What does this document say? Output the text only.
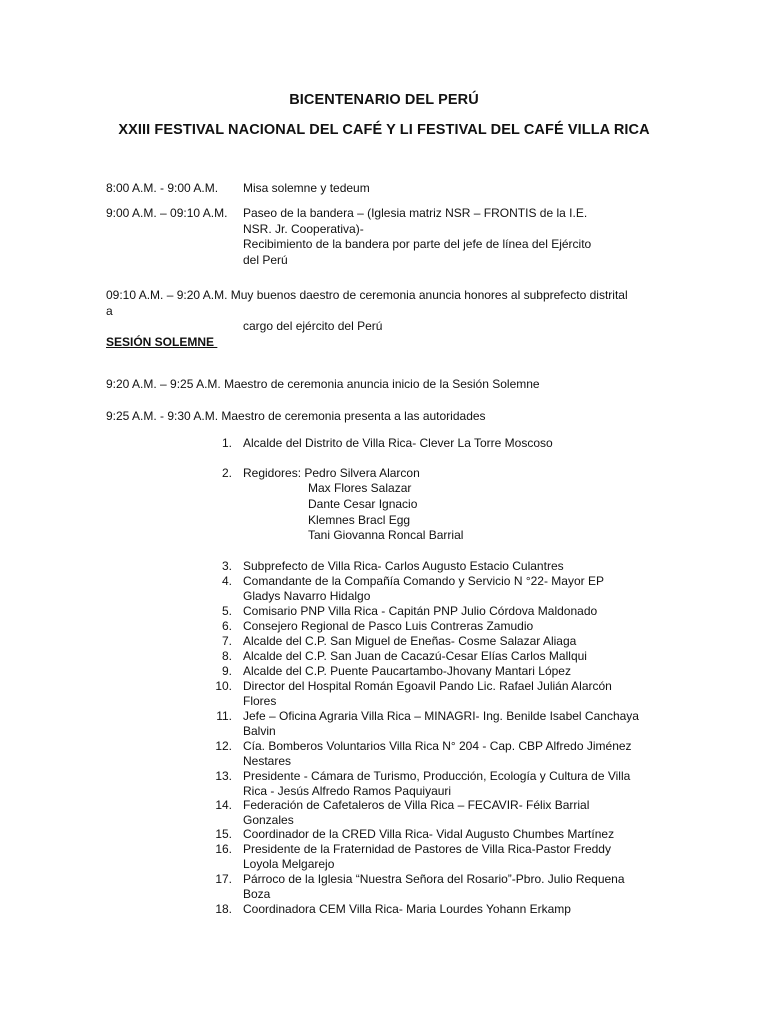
BICENTENARIO DEL PERÚ
XXIII FESTIVAL NACIONAL DEL CAFÉ Y LI FESTIVAL DEL CAFÉ VILLA RICA
8:00 A.M. - 9:00 A.M. Misa solemne y tedeum
9:00 A.M. – 09:10 A.M. Paseo de la bandera – (Iglesia matriz NSR – FRONTIS de la I.E.
NSR. Jr. Cooperativa)-
Recibimiento de la bandera por parte del jefe de línea del Ejército
del Perú
09:10 A.M. – 9:20 A.M. Muy buenos daestro de ceremonia anuncia honores al subprefecto distrital
a
cargo del ejército del Perú
SESIÓN SOLEMNE
9:20 A.M. – 9:25 A.M. Maestro de ceremonia anuncia inicio de la Sesión Solemne
9:25 A.M. - 9:30 A.M. Maestro de ceremonia presenta a las autoridades
1. Alcalde del Distrito de Villa Rica- Clever La Torre Moscoso
2. Regidores: Pedro Silvera Alarcon
Max Flores Salazar
Dante Cesar Ignacio
Klemnes Bracl Egg
Tani Giovanna Roncal Barrial
3. Subprefecto de Villa Rica- Carlos Augusto Estacio Culantres
4. Comandante de la Compañía Comando y Servicio N °22- Mayor EP
Gladys Navarro Hidalgo
5. Comisario PNP Villa Rica - Capitán PNP Julio Córdova Maldonado
6. Consejero Regional de Pasco Luis Contreras Zamudio
7. Alcalde del C.P. San Miguel de Eneñas- Cosme Salazar Aliaga
8. Alcalde del C.P. San Juan de Cacazú-Cesar Elías Carlos Mallqui
9. Alcalde del C.P. Puente Paucartambo-Jhovany Mantari López
10. Director del Hospital Román Egoavil Pando Lic. Rafael Julián Alarcón
Flores
11. Jefe – Oficina Agraria Villa Rica – MINAGRI- Ing. Benilde Isabel Canchaya
Balvin
12. Cía. Bomberos Voluntarios Villa Rica N° 204 - Cap. CBP Alfredo Jiménez
Nestares
13. Presidente - Cámara de Turismo, Producción, Ecología y Cultura de Villa
Rica - Jesús Alfredo Ramos Paquiyauri
14. Federación de Cafetaleros de Villa Rica – FECAVIR- Félix Barrial
Gonzales
15. Coordinador de la CRED Villa Rica- Vidal Augusto Chumbes Martínez
16. Presidente de la Fraternidad de Pastores de Villa Rica-Pastor Freddy
Loyola Melgarejo
17. Párroco de la Iglesia “Nuestra Señora del Rosario”-Pbro. Julio Requena
Boza
18. Coordinadora CEM Villa Rica- Maria Lourdes Yohann Erkamp
